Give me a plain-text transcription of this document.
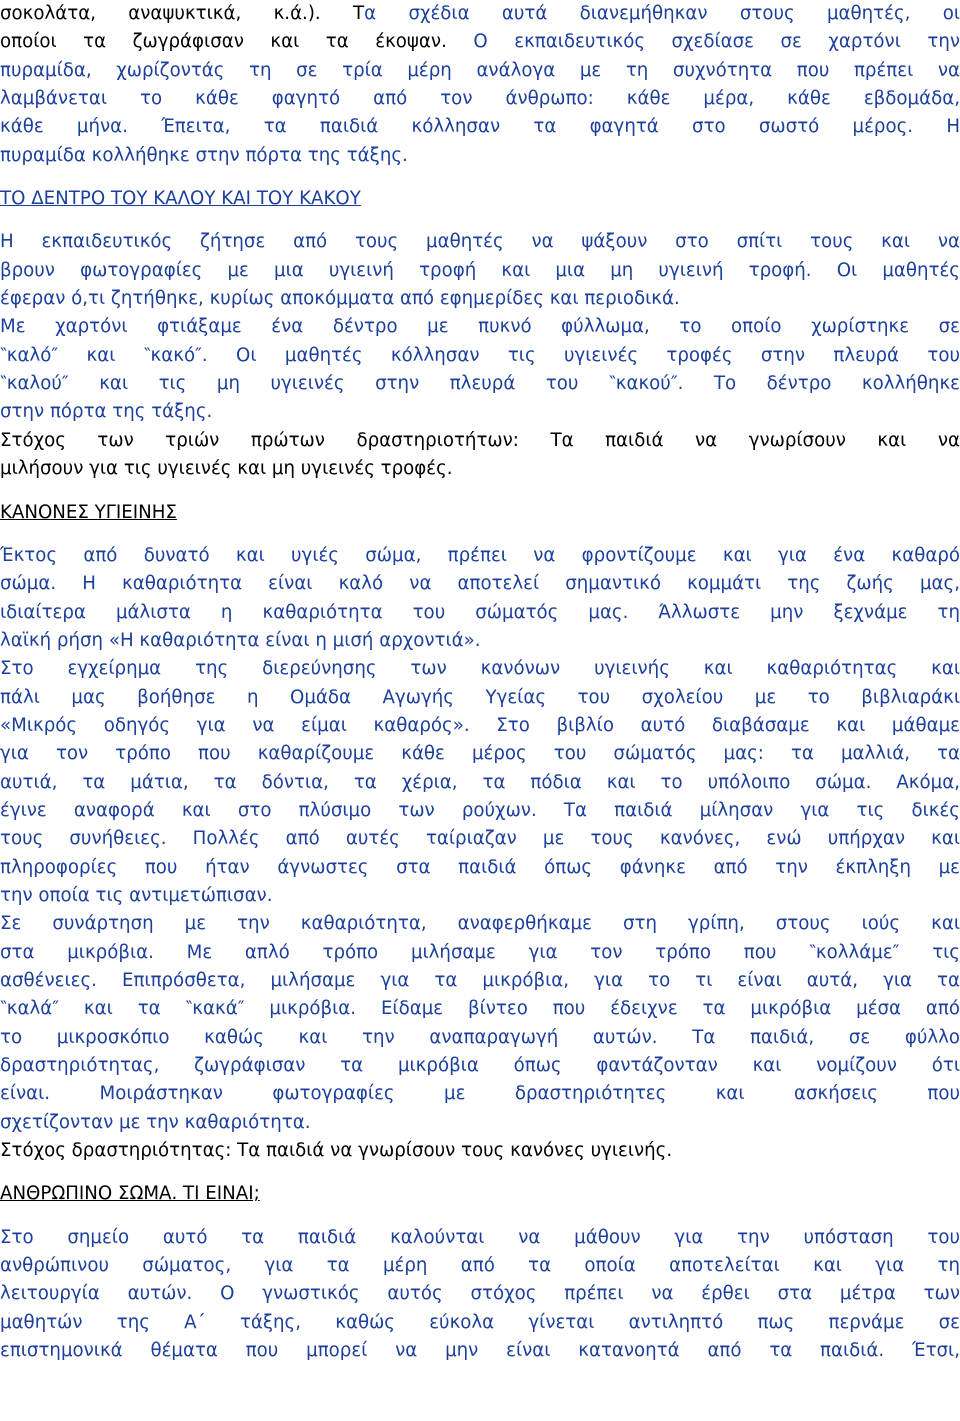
σοκολάτα, αναψυκτικά, κ.ά.). Τα σχέδια αυτά διανεμήθηκαν στους μαθητές, οι
οποίοι τα ζωγράφισαν και τα έκοψαν. Ο εκπαιδευτικός σχεδίασε σε χαρτόνι την
πυραμίδα, χωρίζοντάς τη σε τρία μέρη ανάλογα με τη συχνότητα που πρέπει να
λαμβάνεται το κάθε φαγητό από τον άνθρωπο: κάθε μέρα, κάθε εβδομάδα,
κάθε μήνα. Έπειτα, τα παιδιά κόλλησαν τα φαγητά στο σωστό μέρος. Η
πυραμίδα κολλήθηκε στην πόρτα της τάξης.
ΤΟ ΔΕΝΤΡΟ ΤΟΥ ΚΑΛΟΥ ΚΑΙ ΤΟΥ ΚΑΚΟΥ
Η εκπαιδευτικός ζήτησε από τους μαθητές να ψάξουν στο σπίτι τους και να
βρουν φωτογραφίες με μια υγιεινή τροφή και μια μη υγιεινή τροφή. Οι μαθητές
έφεραν ό,τι ζητήθηκε, κυρίως αποκόμματα από εφημερίδες και περιοδικά.
Με χαρτόνι φτιάξαμε ένα δέντρο με πυκνό φύλλωμα, το οποίο χωρίστηκε σε
‶καλό″ και ‶κακό″. Οι μαθητές κόλλησαν τις υγιεινές τροφές στην πλευρά του
‶καλού″ και τις μη υγιεινές στην πλευρά του ‶κακού″. Το δέντρο κολλήθηκε
στην πόρτα της τάξης.
Στόχος των τριών πρώτων δραστηριοτήτων: Τα παιδιά να γνωρίσουν και να
μιλήσουν για τις υγιεινές και μη υγιεινές τροφές.
ΚΑΝΟΝΕΣ ΥΓΙΕΙΝΗΣ
Έκτος από δυνατό και υγιές σώμα, πρέπει να φροντίζουμε και για ένα καθαρό
σώμα. Η καθαριότητα είναι καλό να αποτελεί σημαντικό κομμάτι της ζωής μας,
ιδιαίτερα μάλιστα η καθαριότητα του σώματός μας. Άλλωστε μην ξεχνάμε τη
λαϊκή ρήση «Η καθαριότητα είναι η μισή αρχοντιά».
Στο εγχείρημα της διερεύνησης των κανόνων υγιεινής και καθαριότητας και
πάλι μας βοήθησε η Ομάδα Αγωγής Υγείας του σχολείου με το βιβλιαράκι
«Μικρός οδηγός για να είμαι καθαρός». Στο βιβλίο αυτό διαβάσαμε και μάθαμε
για τον τρόπο που καθαρίζουμε κάθε μέρος του σώματός μας: τα μαλλιά, τα
αυτιά, τα μάτια, τα δόντια, τα χέρια, τα πόδια και το υπόλοιπο σώμα. Ακόμα,
έγινε αναφορά και στο πλύσιμο των ρούχων. Τα παιδιά μίλησαν για τις δικές
τους συνήθειες. Πολλές από αυτές ταίριαζαν με τους κανόνες, ενώ υπήρχαν και
πληροφορίες που ήταν άγνωστες στα παιδιά όπως φάνηκε από την έκπληξη με
την οποία τις αντιμετώπισαν.
Σε συνάρτηση με την καθαριότητα, αναφερθήκαμε στη γρίπη, στους ιούς και
στα μικρόβια. Με απλό τρόπο μιλήσαμε για τον τρόπο που ‶κολλάμε″ τις
ασθένειες. Επιπρόσθετα, μιλήσαμε για τα μικρόβια, για το τι είναι αυτά, για τα
‶καλά″ και τα ‶κακά″ μικρόβια. Είδαμε βίντεο που έδειχνε τα μικρόβια μέσα από
το μικροσκόπιο καθώς και την αναπαραγωγή αυτών. Τα παιδιά, σε φύλλο
δραστηριότητας, ζωγράφισαν τα μικρόβια όπως φαντάζονταν και νομίζουν ότι
είναι. Μοιράστηκαν φωτογραφίες με δραστηριότητες και ασκήσεις που
σχετίζονταν με την καθαριότητα.
Στόχος δραστηριότητας: Τα παιδιά να γνωρίσουν τους κανόνες υγιεινής.
ΑΝΘΡΩΠΙΝΟ ΣΩΜΑ. ΤΙ ΕΙΝΑΙ;
Στο σημείο αυτό τα παιδιά καλούνται να μάθουν για την υπόσταση του
ανθρώπινου σώματος, για τα μέρη από τα οποία αποτελείται και για τη
λειτουργία αυτών. Ο γνωστικός αυτός στόχος πρέπει να έρθει στα μέτρα των
μαθητών της Α΄ τάξης, καθώς εύκολα γίνεται αντιληπτό πως περνάμε σε
επιστημονικά θέματα που μπορεί να μην είναι κατανοητά από τα παιδιά. Έτσι,
